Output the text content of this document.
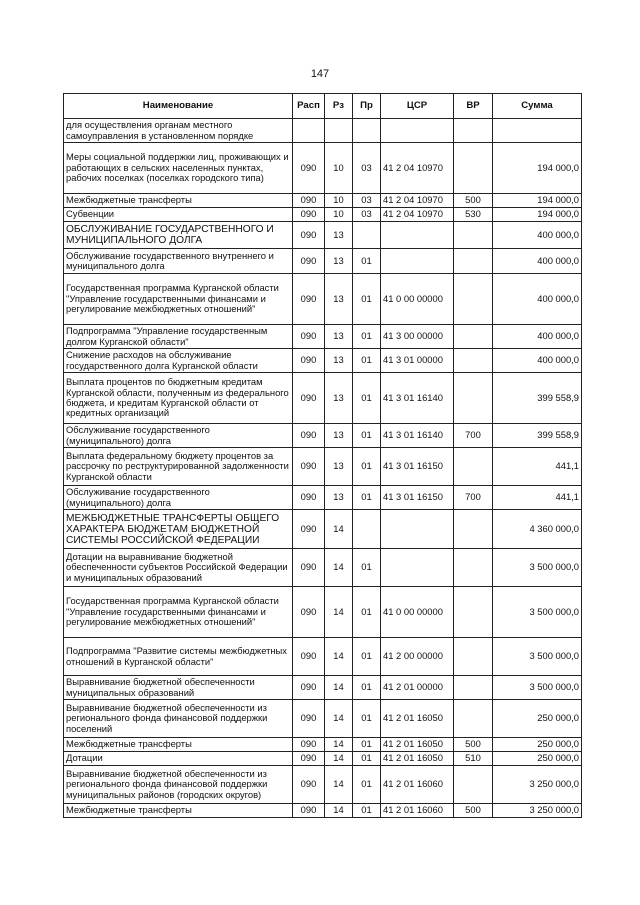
147
Наименование	Расп	Рз	Пр	ЦСР	ВР	Сумма
для осуществления органам местного самоуправления в установленном порядке						
Меры социальной поддержки лиц, проживающих и работающих в сельских населенных пунктах, рабочих поселках (поселках городского типа)	090	10	03	41 2 04 10970		194 000,0
Межбюджетные трансферты	090	10	03	41 2 04 10970	500	194 000,0
Субвенции	090	10	03	41 2 04 10970	530	194 000,0
ОБСЛУЖИВАНИЕ ГОСУДАРСТВЕННОГО И МУНИЦИПАЛЬНОГО ДОЛГА	090	13				400 000,0
Обслуживание государственного внутреннего и муниципального долга	090	13	01			400 000,0
Государственная программа Курганской области "Управление государственными финансами и регулирование межбюджетных отношений"	090	13	01	41 0 00 00000		400 000,0
Подпрограмма "Управление государственным долгом Курганской области"	090	13	01	41 3 00 00000		400 000,0
Снижение расходов на обслуживание государственного долга Курганской области	090	13	01	41 3 01 00000		400 000,0
Выплата процентов по бюджетным кредитам Курганской области, полученным из федерального бюджета, и кредитам Курганской области от кредитных организаций	090	13	01	41 3 01 16140		399 558,9
Обслуживание государственного (муниципального) долга	090	13	01	41 3 01 16140	700	399 558,9
Выплата федеральному бюджету процентов за рассрочку по реструктурированной задолженности Курганской области	090	13	01	41 3 01 16150		441,1
Обслуживание государственного (муниципального) долга	090	13	01	41 3 01 16150	700	441,1
МЕЖБЮДЖЕТНЫЕ ТРАНСФЕРТЫ ОБЩЕГО ХАРАКТЕРА БЮДЖЕТАМ БЮДЖЕТНОЙ СИСТЕМЫ РОССИЙСКОЙ ФЕДЕРАЦИИ	090	14				4 360 000,0
Дотации на выравнивание бюджетной обеспеченности субъектов Российской Федерации и муниципальных образований	090	14	01			3 500 000,0
Государственная программа Курганской области "Управление государственными финансами и регулирование межбюджетных отношений"	090	14	01	41 0 00 00000		3 500 000,0
Подпрограмма "Развитие системы межбюджетных отношений в Курганской области"	090	14	01	41 2 00 00000		3 500 000,0
Выравнивание бюджетной обеспеченности муниципальных образований	090	14	01	41 2 01 00000		3 500 000,0
Выравнивание бюджетной обеспеченности из регионального фонда финансовой поддержки поселений	090	14	01	41 2 01 16050		250 000,0
Межбюджетные трансферты	090	14	01	41 2 01 16050	500	250 000,0
Дотации	090	14	01	41 2 01 16050	510	250 000,0
Выравнивание бюджетной обеспеченности из регионального фонда финансовой поддержки муниципальных районов (городских округов)	090	14	01	41 2 01 16060		3 250 000,0
Межбюджетные трансферты	090	14	01	41 2 01 16060	500	3 250 000,0
